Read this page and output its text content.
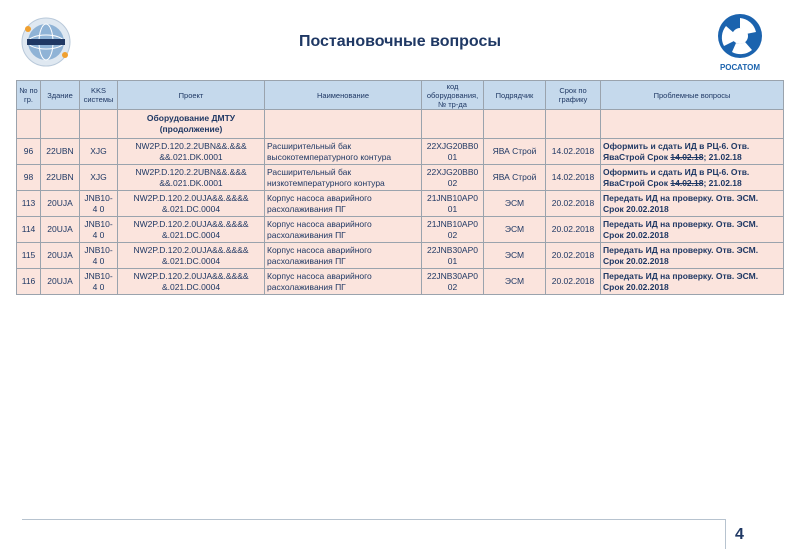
Постановочные вопросы
РОСАТОМ
№ по гр.	Здание	KKS системы	Проект	Наименование	код оборудования, № тр-да	Подрядчик	Срок по графику	Проблемные вопросы
			Оборудование ДМТУ (продолжение)					
96	22UBN	XJG	NW2P.D.120.2.2UBN&&.&&& &&.021.DK.0001	Расширительный бак высокотемпературного контура	22XJG20BB0 01	ЯВА Строй	14.02.2018	Оформить и сдать ИД в РЦ-6. Отв. ЯваСтрой Срок 14.02.18; 21.02.18
98	22UBN	XJG	NW2P.D.120.2.2UBN&&.&&& &&.021.DK.0001	Расширительный бак низкотемпературного контура	22XJG20BB0 02	ЯВА Строй	14.02.2018	Оформить и сдать ИД в РЦ-6. Отв. ЯваСтрой Срок 14.02.18; 21.02.18
113	20UJA	JNB10-4 0	NW2P.D.120.2.0UJA&&.&&&& &.021.DC.0004	Корпус насоса аварийного расхолаживания ПГ	21JNB10AP0 01	ЭСМ	20.02.2018	Передать ИД на проверку. Отв. ЭСМ. Срок 20.02.2018
114	20UJA	JNB10-4 0	NW2P.D.120.2.0UJA&&.&&&& &.021.DC.0004	Корпус насоса аварийного расхолаживания ПГ	21JNB10AP0 02	ЭСМ	20.02.2018	Передать ИД на проверку. Отв. ЭСМ. Срок 20.02.2018
115	20UJA	JNB10-4 0	NW2P.D.120.2.0UJA&&.&&&& &.021.DC.0004	Корпус насоса аварийного расхолаживания ПГ	22JNB30AP0 01	ЭСМ	20.02.2018	Передать ИД на проверку. Отв. ЭСМ. Срок 20.02.2018
116	20UJA	JNB10-4 0	NW2P.D.120.2.0UJA&&.&&&& &.021.DC.0004	Корпус насоса аварийного расхолаживания ПГ	22JNB30AP0 02	ЭСМ	20.02.2018	Передать ИД на проверку. Отв. ЭСМ. Срок 20.02.2018
4
